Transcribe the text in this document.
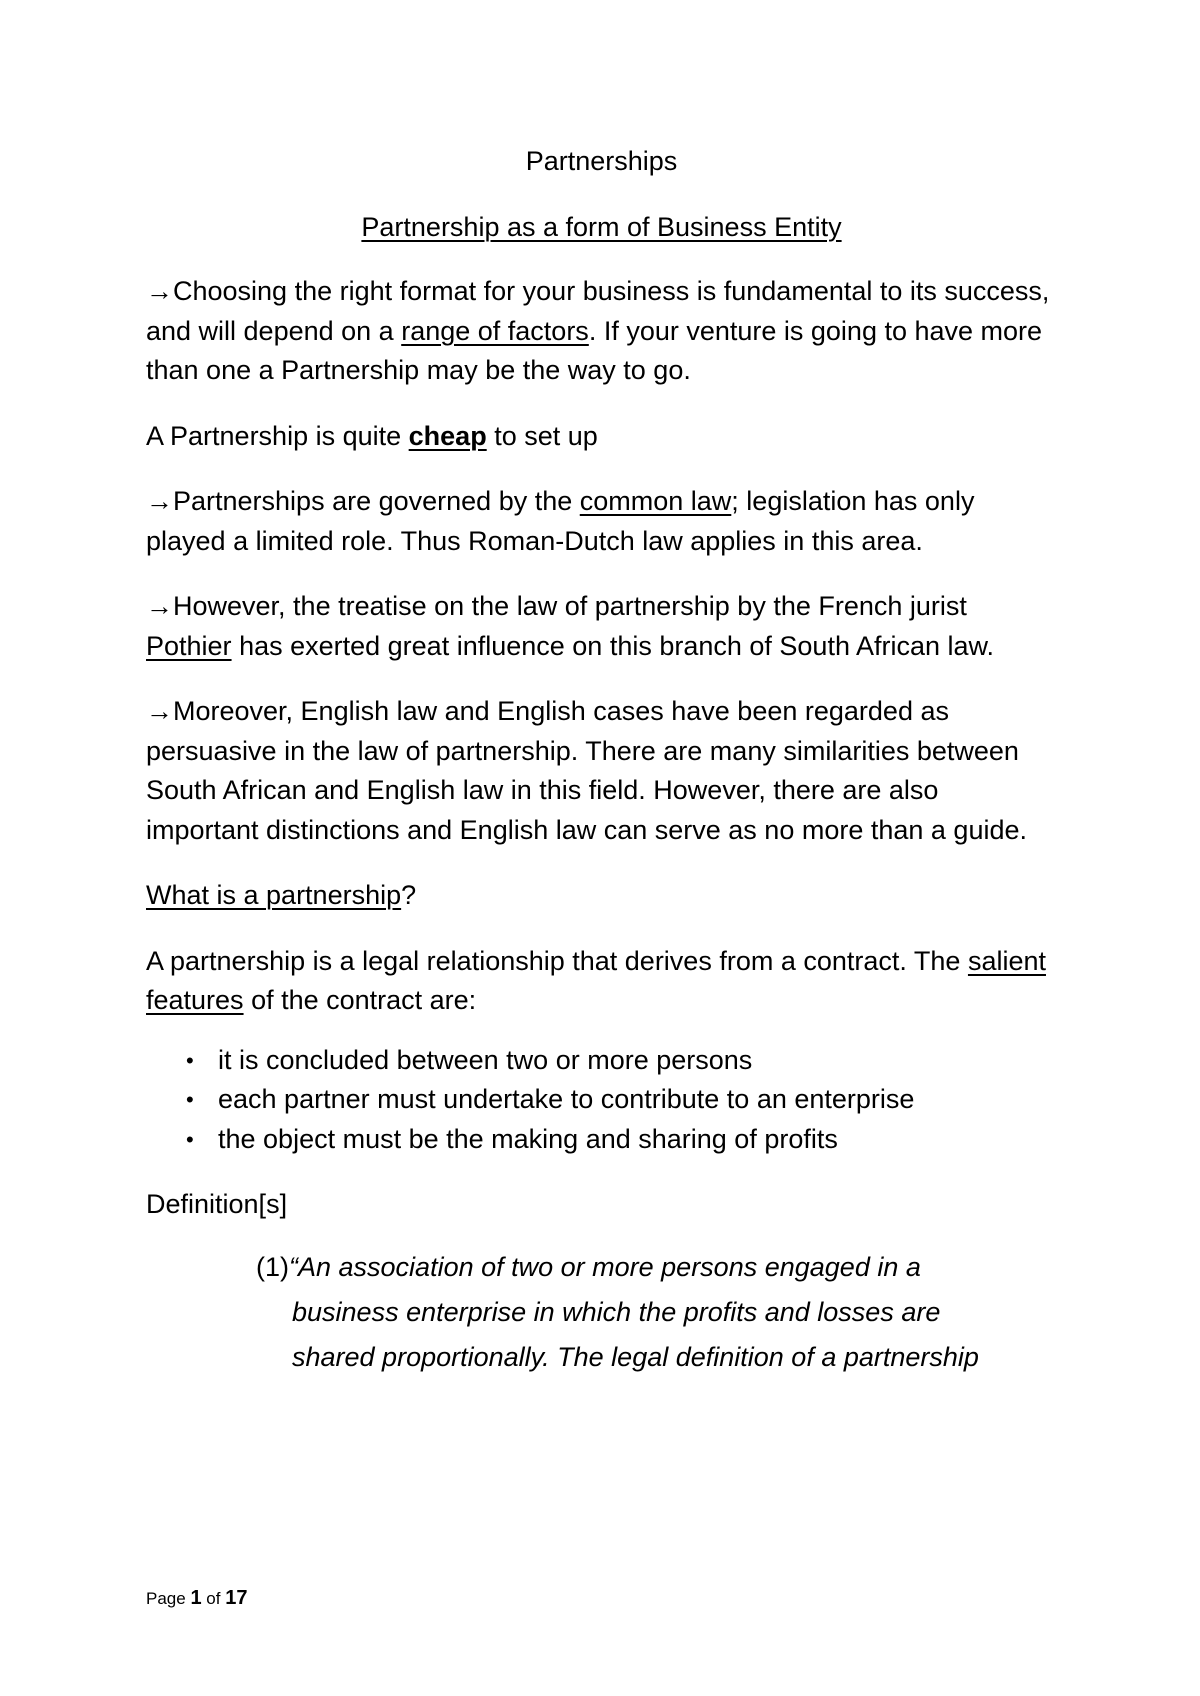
Partnerships

Partnership as a form of Business Entity

→Choosing the right format for your business is fundamental to its success, and will depend on a range of factors. If your venture is going to have more than one a Partnership may be the way to go.

A Partnership is quite cheap to set up

→Partnerships are governed by the common law; legislation has only played a limited role. Thus Roman-Dutch law applies in this area.

→However, the treatise on the law of partnership by the French jurist Pothier has exerted great influence on this branch of South African law.

→Moreover, English law and English cases have been regarded as persuasive in the law of partnership. There are many similarities between South African and English law in this field. However, there are also important distinctions and English law can serve as no more than a guide.

What is a partnership?

A partnership is a legal relationship that derives from a contract. The salient features of the contract are:

• it is concluded between two or more persons
• each partner must undertake to contribute to an enterprise
• the object must be the making and sharing of profits

Definition[s]

(1)“An association of two or more persons engaged in a
business enterprise in which the profits and losses are
shared proportionally. The legal definition of a partnership
Page 1 of 17
